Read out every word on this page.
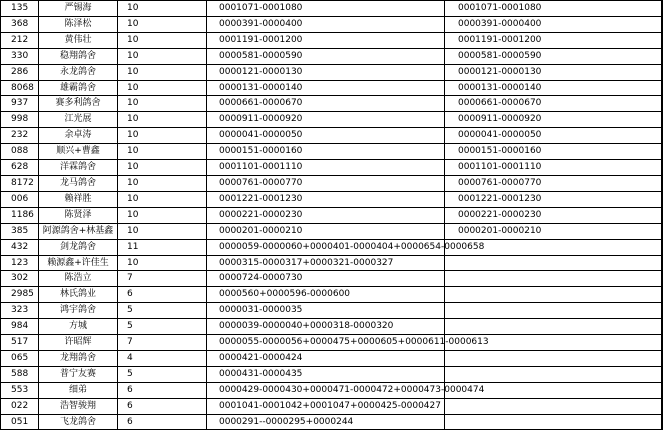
135	严锡海	10	0001071-0001080	0001071-0001080	
368	陈泽松	10	0000391-0000400	0000391-0000400	
212	黄伟壮	10	0001191-0001200	0001191-0001200	
330	稳翔鸽舍	10	0000581-0000590	0000581-0000590	
286	永龙鸽舍	10	0000121-0000130	0000121-0000130	
8068	雄霸鸽舍	10	0000131-0000140	0000131-0000140	
937	赛多利鸽舍	10	0000661-0000670	0000661-0000670	
998	江光展	10	0000911-0000920	0000911-0000920	
232	余卓涛	10	0000041-0000050	0000041-0000050	
088	顺兴+曹鑫	10	0000151-0000160	0000151-0000160	
628	洋霖鸽舍	10	0001101-0001110	0001101-0001110	
8172	龙马鸽舍	10	0000761-0000770	0000761-0000770	
006	赖祥胜	10	0001221-0001230	0001221-0001230	
1186	陈贤泽	10	0000221-0000230	0000221-0000230	
385	阿源鸽舍+林基鑫	10	0000201-0000210	0000201-0000210	
432	剑龙鸽舍	11	0000059-0000060+0000401-0000404+0000654-0000658		
123	赖源鑫+许佳生	10	0000315-0000317+0000321-0000327		
302	陈浩立	7	0000724-0000730		
2985	林氏鸽业	6	0000560+0000596-0000600		
323	鸿宇鸽舍	5	0000031-0000035		
984	方城	5	0000039-0000040+0000318-0000320		
517	许昭辉	7	0000055-0000056+0000475+0000605+0000611-0000613		
065	龙翔鸽舍	4	0000421-0000424		
588	普宁友赛	5	0000431-0000435		
553	细弟	6	0000429-0000430+0000471-0000472+0000473-0000474		
022	浩智骏翔	6	0001041-0001042+0001047+0000425-0000427		
051	飞龙鸽舍	6	0000291--0000295+0000244		
